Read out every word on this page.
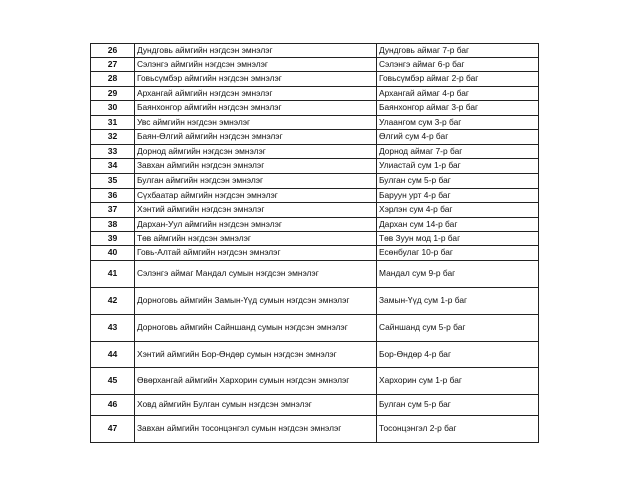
26	Дундговь аймгийн нэгдсэн эмнэлэг	Дундговь аймаг 7-р баг
27	Сэлэнгэ аймгийн нэгдсэн эмнэлэг	Сэлэнгэ аймаг 6-р баг
28	Говьсүмбэр аймгийн нэгдсэн эмнэлэг	Говьсүмбэр аймаг 2-р баг
29	Архангай аймгийн нэгдсэн эмнэлэг	Архангай аймаг 4-р баг
30	Баянхонгор аймгийн нэгдсэн эмнэлэг	Баянхонгор аймаг 3-р баг
31	Увс аймгийн нэгдсэн эмнэлэг	Улаангом сум 3-р баг
32	Баян-Өлгий аймгийн нэгдсэн эмнэлэг	Өлгий сум 4-р баг
33	Дорнод аймгийн нэгдсэн эмнэлэг	Дорнод аймаг 7-р баг
34	Завхан аймгийн нэгдсэн эмнэлэг	Улиастай сум 1-р баг
35	Булган аймгийн нэгдсэн эмнэлэг	Булган сум 5-р баг
36	Сүхбаатар аймгийн нэгдсэн эмнэлэг	Баруун урт 4-р баг
37	Хэнтий аймгийн нэгдсэн эмнэлэг	Хэрлэн сум 4-р баг
38	Дархан-Уул аймгийн нэгдсэн эмнэлэг	Дархан сум 14-р баг
39	Төв аймгийн нэгдсэн эмнэлэг	Төв Зуун мод 1-р баг
40	Говь-Алтай аймгийн нэгдсэн эмнэлэг	Есөнбулаг 10-р баг
41	Сэлэнгэ аймаг Мандал сумын нэгдсэн эмнэлэг	Мандал сум 9-р баг
42	Дорноговь аймгийн Замын-Үүд сумын нэгдсэн эмнэлэг	Замын-Үүд сум 1-р баг
43	Дорноговь аймгийн Сайншанд сумын нэгдсэн эмнэлэг	Сайншанд сум 5-р баг
44	Хэнтий аймгийн Бор-Өндөр сумын нэгдсэн эмнэлэг	Бор-Өндөр 4-р баг
45	Өвөрхангай аймгийн Хархорин сумын нэгдсэн эмнэлэг	Хархорин сум 1-р баг
46	Ховд аймгийн Булган сумын нэгдсэн эмнэлэг	Булган сум 5-р баг
47	Завхан аймгийн тосонцэнгэл сумын нэгдсэн эмнэлэг	Тосонцэнгэл 2-р баг
